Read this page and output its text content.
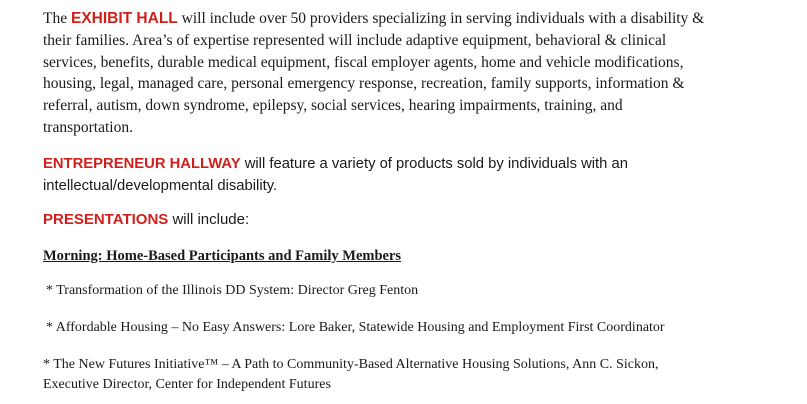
The EXHIBIT HALL will include over 50 providers specializing in serving individuals with a disability &
their families. Area’s of expertise represented will include adaptive equipment, behavioral & clinical
services, benefits, durable medical equipment, fiscal employer agents, home and vehicle modifications,
housing, legal, managed care, personal emergency response, recreation, family supports, information &
referral, autism, down syndrome, epilepsy, social services, hearing impairments, training, and
transportation.

ENTREPRENEUR HALLWAY will feature a variety of products sold by individuals with an
intellectual/developmental disability.

PRESENTATIONS will include:

Morning: Home-Based Participants and Family Members

* Transformation of the Illinois DD System: Director Greg Fenton

* Affordable Housing – No Easy Answers: Lore Baker, Statewide Housing and Employment First Coordinator

* The New Futures Initiative™ – A Path to Community-Based Alternative Housing Solutions, Ann C. Sickon,
Executive Director, Center for Independent Futures
